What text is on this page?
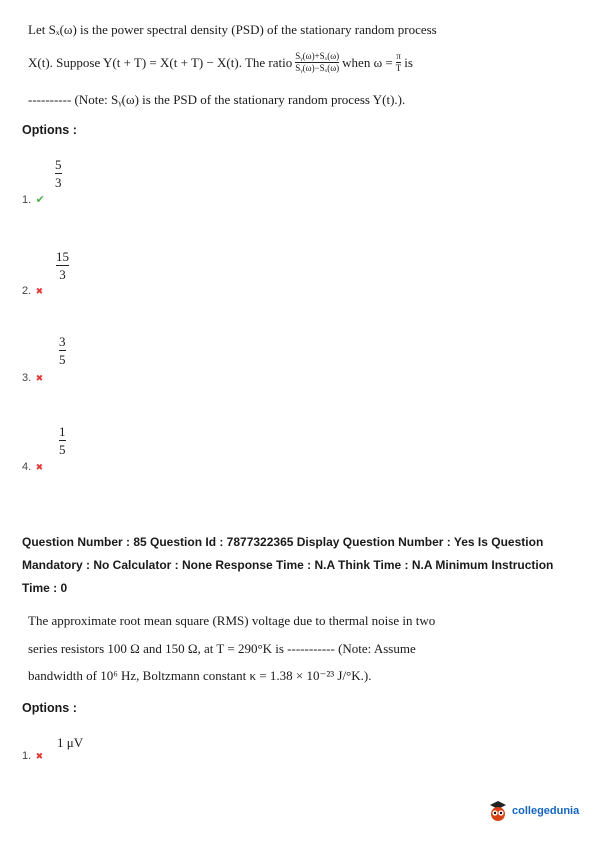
Let Sₓ(ω) is the power spectral density (PSD) of the stationary random process
X(t). Suppose Y(t + T) = X(t + T) − X(t). The ratio Sᵧ(ω)+Sₓ(ω)
Sᵧ(ω)−Sₓ(ω) when ω = π
T is
---------- (Note: Sᵧ(ω) is the PSD of the stationary random process Y(t).).
Options :
5
3
1. ✔
15
3
2. ✖
3
5
3. ✖
1
5
4. ✖
Question Number : 85 Question Id : 7877322365 Display Question Number : Yes Is Question
Mandatory : No Calculator : None Response Time : N.A Think Time : N.A Minimum Instruction
Time : 0
The approximate root mean square (RMS) voltage due to thermal noise in two
series resistors 100 Ω and 150 Ω, at T = 290°K is ----------- (Note: Assume
bandwidth of 10⁶ Hz, Boltzmann constant κ = 1.38 × 10⁻²³ J/°K.).
Options :
1 μV
1. ✖
collegedunia
